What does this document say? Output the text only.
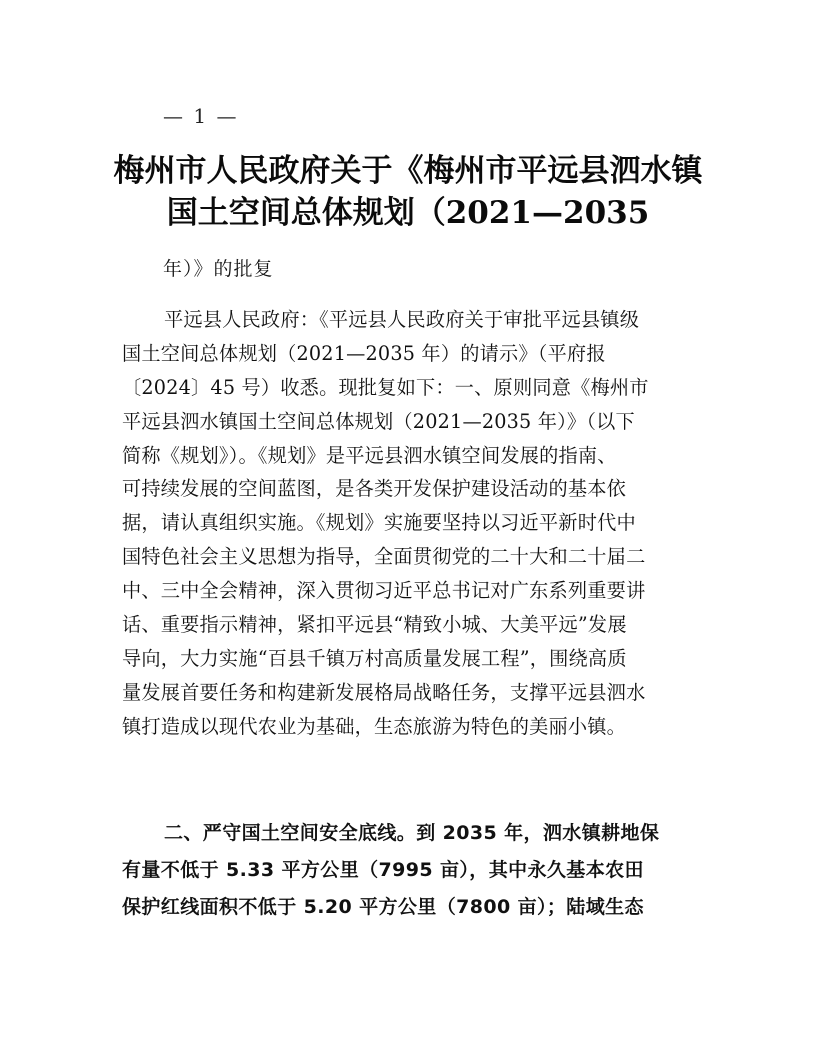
— 1 —
梅州市人民政府关于《梅州市平远县泗水镇
国土空间总体规划（2021—2035
年）》的批复
平远县人民政府：《平远县人民政府关于审批平远县镇级
国土空间总体规划（2021—2035 年）的请示》（平府报
〔2024〕45 号）收悉。现批复如下：一、原则同意《梅州市
平远县泗水镇国土空间总体规划（2021—2035 年）》（以下
简称《规划》）。《规划》是平远县泗水镇空间发展的指南、
可持续发展的空间蓝图，是各类开发保护建设活动的基本依
据，请认真组织实施。《规划》实施要坚持以习近平新时代中
国特色社会主义思想为指导，全面贯彻党的二十大和二十届二
中、三中全会精神，深入贯彻习近平总书记对广东系列重要讲
话、重要指示精神，紧扣平远县“精致小城、大美平远”发展
导向，大力实施“百县千镇万村高质量发展工程”，围绕高质
量发展首要任务和构建新发展格局战略任务，支撑平远县泗水
镇打造成以现代农业为基础，生态旅游为特色的美丽小镇。
二、严守国土空间安全底线。到 2035 年，泗水镇耕地保
有量不低于 5.33 平方公里（7995 亩），其中永久基本农田
保护红线面积不低于 5.20 平方公里（7800 亩）；陆域生态
